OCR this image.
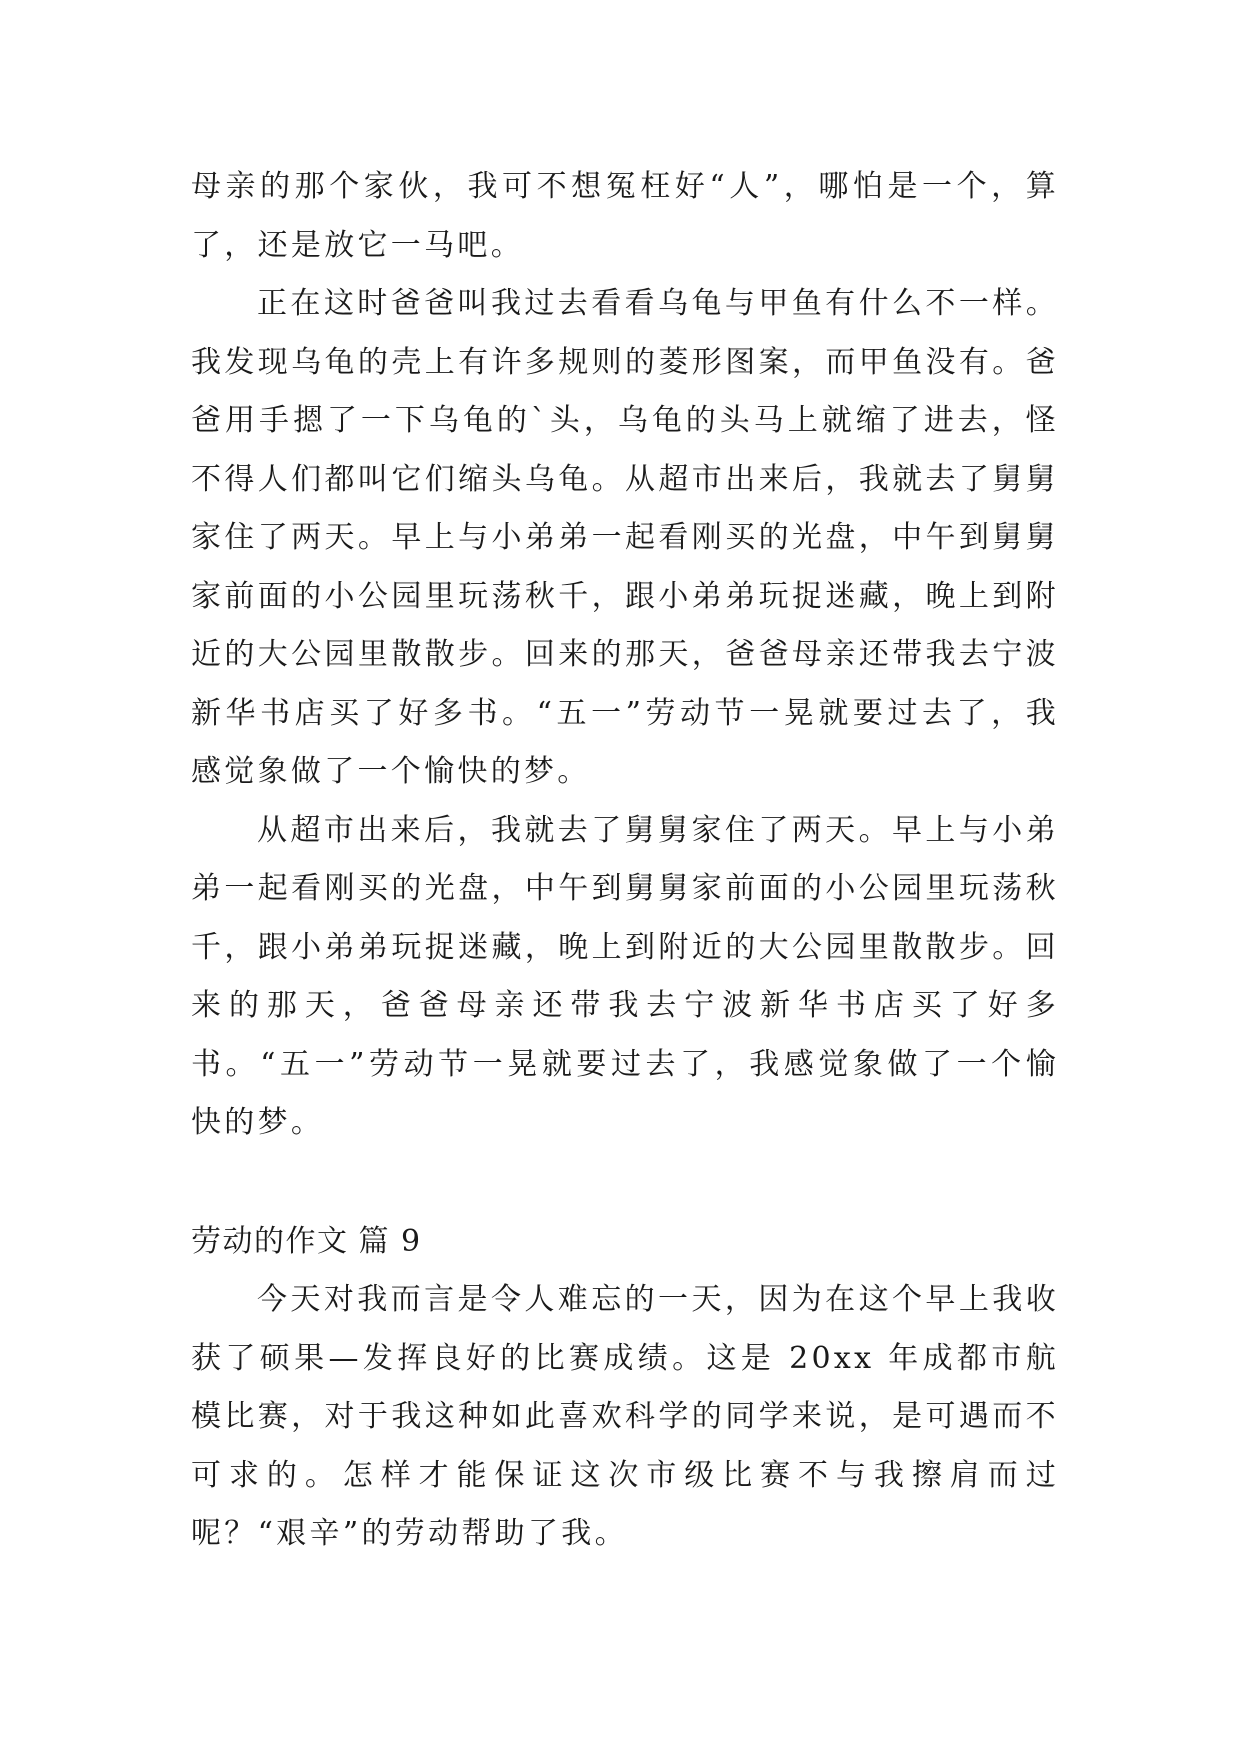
母亲的那个家伙，我可不想冤枉好“人”，哪怕是一个，算了，还是放它一马吧。

正在这时爸爸叫我过去看看乌龟与甲鱼有什么不一样。我发现乌龟的壳上有许多规则的菱形图案，而甲鱼没有。爸爸用手摁了一下乌龟的`头，乌龟的头马上就缩了进去，怪不得人们都叫它们缩头乌龟。从超市出来后，我就去了舅舅家住了两天。早上与小弟弟一起看刚买的光盘，中午到舅舅家前面的小公园里玩荡秋千，跟小弟弟玩捉迷藏，晚上到附近的大公园里散散步。回来的那天，爸爸母亲还带我去宁波新华书店买了好多书。“五一”劳动节一晃就要过去了，我感觉象做了一个愉快的梦。

从超市出来后，我就去了舅舅家住了两天。早上与小弟弟一起看刚买的光盘，中午到舅舅家前面的小公园里玩荡秋千，跟小弟弟玩捉迷藏，晚上到附近的大公园里散散步。回来的那天，爸爸母亲还带我去宁波新华书店买了好多书。“五一”劳动节一晃就要过去了，我感觉象做了一个愉快的梦。

劳动的作文 篇 9

今天对我而言是令人难忘的一天，因为在这个早上我收获了硕果—发挥良好的比赛成绩。这是 20xx 年成都市航模比赛，对于我这种如此喜欢科学的同学来说，是可遇而不可求的。怎样才能保证这次市级比赛不与我擦肩而过呢？“艰辛”的劳动帮助了我。
